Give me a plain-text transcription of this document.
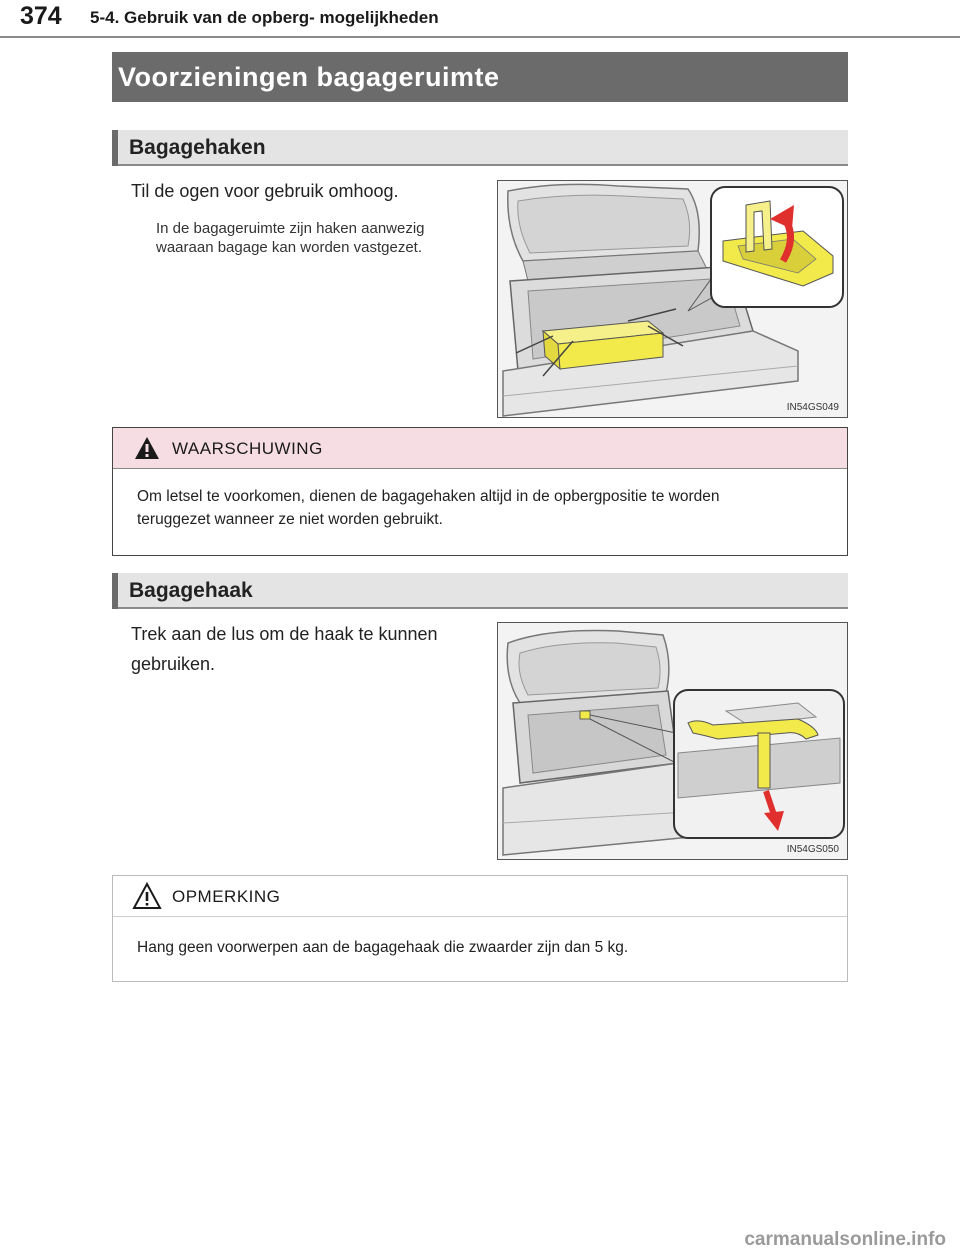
374 5-4. Gebruik van de opberg- mogelijkheden
Voorzieningen bagageruimte
Bagagehaken
Til de ogen voor gebruik omhoog.
In de bagageruimte zijn haken aanwezig
waaraan bagage kan worden vastgezet.
IN54GS049
WAARSCHUWING
Om letsel te voorkomen, dienen de bagagehaken altijd in de opbergpositie te worden
teruggezet wanneer ze niet worden gebruikt.
Bagagehaak
Trek aan de lus om de haak te kunnen
gebruiken.
IN54GS050
OPMERKING
Hang geen voorwerpen aan de bagagehaak die zwaarder zijn dan 5 kg.
carmanualsonline.info
